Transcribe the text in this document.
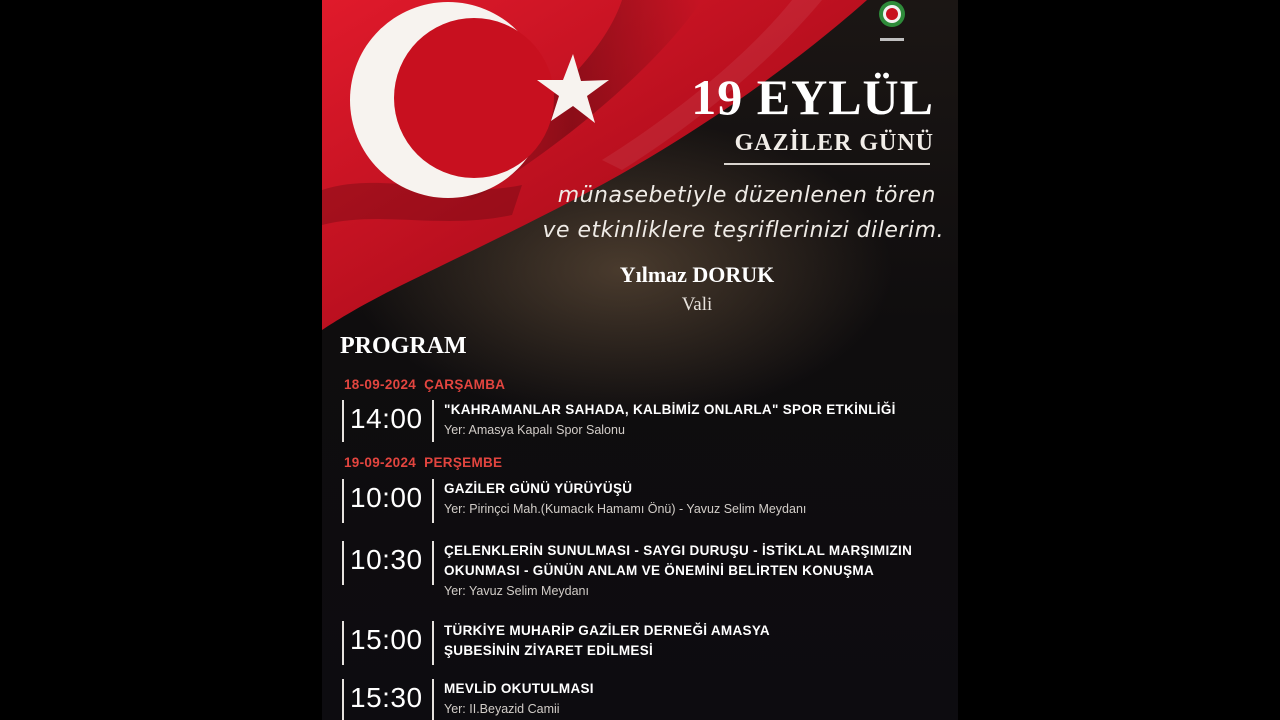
19 EYLÜL
GAZİLER GÜNÜ

münasebetiyle düzenlenen tören

ve etkinliklere teşriflerinizi dilerim.

Yılmaz DORUK

Vali

PROGRAM

18-09-2024 ÇARŞAMBA

14:00 "KAHRAMANLAR SAHADA, KALBİMİZ ONLARLA" SPOR ETKİNLİĞİ

Yer: Amasya Kapalı Spor Salonu

19-09-2024 PERŞEMBE

10:00 GAZİLER GÜNÜ YÜRÜYÜŞÜ

Yer: Pirinçci Mah.(Kumacık Hamamı Önü) - Yavuz Selim Meydanı

10:30 ÇELENKLERİN SUNULMASI - SAYGI DURUŞU - İSTİKLAL MARŞIMIZIN
OKUNMASI - GÜNÜN ANLAM VE ÖNEMİNİ BELİRTEN KONUŞMA

Yer: Yavuz Selim Meydanı

15:00 TÜRKİYE MUHARİP GAZİLER DERNEĞİ AMASYA
ŞUBESİNİN ZİYARET EDİLMESİ

15:30 MEVLİD OKUTULMASI

Yer: II.Beyazid Camii
